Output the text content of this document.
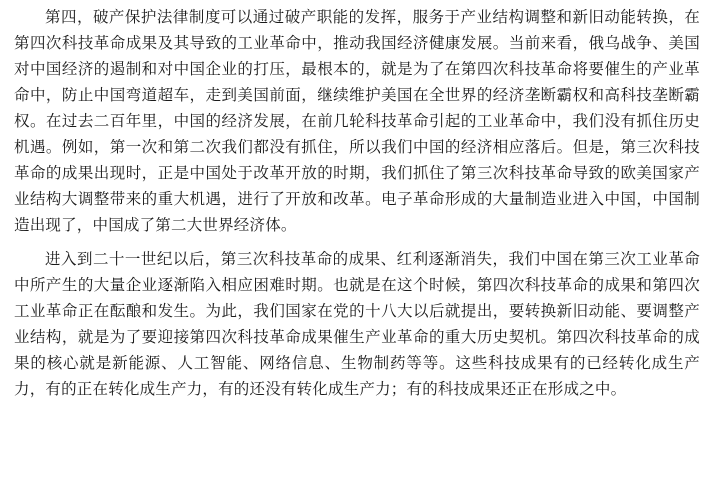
第四，破产保护法律制度可以通过破产职能的发挥，服务于产业结构调整和新旧动能转换，在第四次科技革命成果及其导致的工业革命中，推动我国经济健康发展。当前来看，俄乌战争、美国对中国经济的遏制和对中国企业的打压，最根本的，就是为了在第四次科技革命将要催生的产业革命中，防止中国弯道超车，走到美国前面，继续维护美国在全世界的经济垄断霸权和高科技垄断霸权。在过去二百年里，中国的经济发展，在前几轮科技革命引起的工业革命中，我们没有抓住历史机遇。例如，第一次和第二次我们都没有抓住，所以我们中国的经济相应落后。但是，第三次科技革命的成果出现时，正是中国处于改革开放的时期，我们抓住了第三次科技革命导致的欧美国家产业结构大调整带来的重大机遇，进行了开放和改革。电子革命形成的大量制造业进入中国，中国制造出现了，中国成了第二大世界经济体。

进入到二十一世纪以后，第三次科技革命的成果、红利逐渐消失，我们中国在第三次工业革命中所产生的大量企业逐渐陷入相应困难时期。也就是在这个时候，第四次科技革命的成果和第四次工业革命正在酝酿和发生。为此，我们国家在党的十八大以后就提出，要转换新旧动能、要调整产业结构，就是为了要迎接第四次科技革命成果催生产业革命的重大历史契机。第四次科技革命的成果的核心就是新能源、人工智能、网络信息、生物制药等等。这些科技成果有的已经转化成生产力，有的正在转化成生产力，有的还没有转化成生产力；有的科技成果还正在形成之中。
